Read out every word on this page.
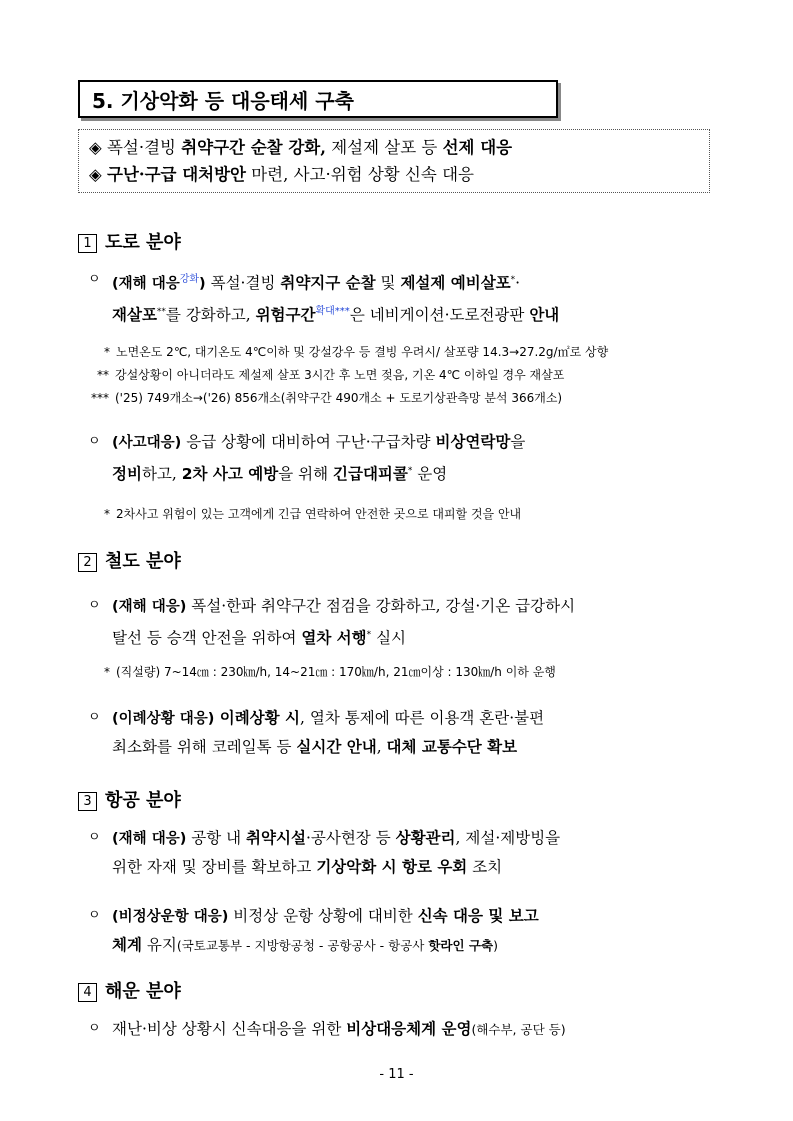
5. 기상악화 등 대응태세 구축
◈ 폭설·결빙 취약구간 순찰 강화, 제설제 살포 등 선제 대응
◈ 구난·구급 대처방안 마련, 사고·위험 상황 신속 대응
1 도로 분야
ㅇ (재해 대응$^{강화}$) 폭설·결빙 취약지구 순찰 및 제설제 예비살포*·
재살포**를 강화하고, 위험구간$^{확대***}$은 네비게이션·도로전광판 안내
* 노면온도 2℃, 대기온도 4℃이하 및 강설강우 등 결빙 우려시/ 살포량 14.3→27.2g/㎡로 상향
** 강설상황이 아니더라도 제설제 살포 3시간 후 노면 젖음, 기온 4℃ 이하일 경우 재살포
*** ('25) 749개소→('26) 856개소(취약구간 490개소 + 도로기상관측망 분석 366개소)
ㅇ (사고대응) 응급 상황에 대비하여 구난·구급차량 비상연락망을
정비하고, 2차 사고 예방을 위해 긴급대피콜* 운영
* 2차사고 위험이 있는 고객에게 긴급 연락하여 안전한 곳으로 대피할 것을 안내
2 철도 분야
ㅇ (재해 대응) 폭설·한파 취약구간 점검을 강화하고, 강설·기온 급강하시
탈선 등 승객 안전을 위하여 열차 서행* 실시
* (직설량) 7~14㎝ : 230㎞/h, 14~21㎝ : 170㎞/h, 21㎝이상 : 130㎞/h 이하 운행
ㅇ (이례상황 대응) 이례상황 시, 열차 통제에 따른 이용객 혼란·불편
최소화를 위해 코레일톡 등 실시간 안내, 대체 교통수단 확보
3 항공 분야
ㅇ (재해 대응) 공항 내 취약시설·공사현장 등 상황관리, 제설·제방빙을
위한 자재 및 장비를 확보하고 기상악화 시 항로 우회 조치
ㅇ (비정상운항 대응) 비정상 운항 상황에 대비한 신속 대응 및 보고
체계 유지(국토교통부 - 지방항공청 - 공항공사 - 항공사 핫라인 구축)
4 해운 분야
ㅇ 재난·비상 상황시 신속대응을 위한 비상대응체계 운영(해수부, 공단 등)
- 11 -
